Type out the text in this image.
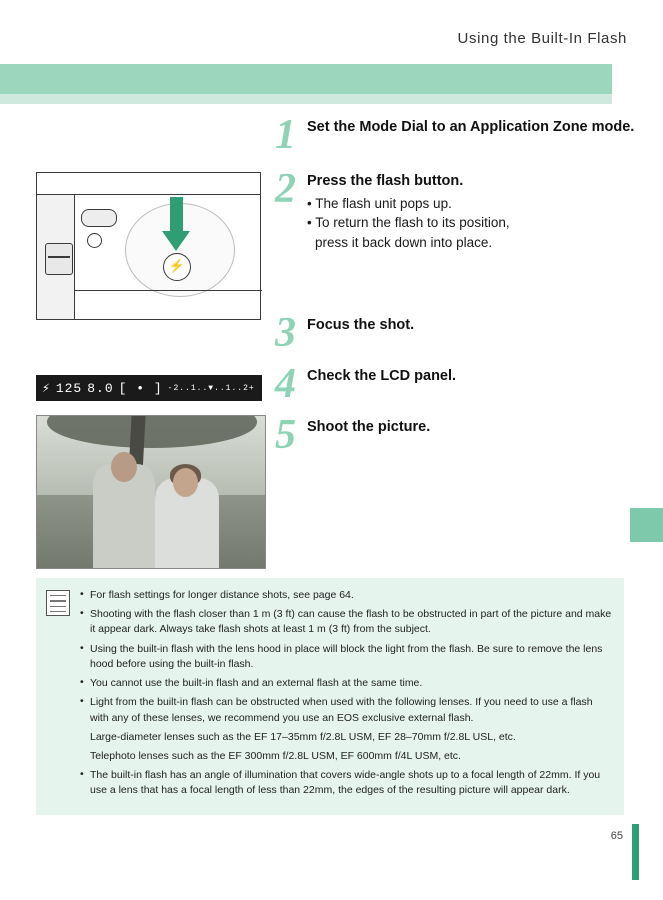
Using the Built-In Flash
⚡
1 Set the Mode Dial to an Application Zone mode.
2 Press the flash button.
• The flash unit pops up.
• To return the flash to its position,
press it back down into place.
3 Focus the shot.
4 Check the LCD panel.
5 Shoot the picture.
⚡ 125 8.0 [ • ] -2..1..▼..1..2+
• For flash settings for longer distance shots, see page 64.
• Shooting with the flash closer than 1 m (3 ft) can cause the flash to be obstructed in part of the picture and make it appear dark. Always take flash shots at least 1 m (3 ft) from the subject.
• Using the built-in flash with the lens hood in place will block the light from the flash. Be sure to remove the lens hood before using the built-in flash.
• You cannot use the built-in flash and an external flash at the same time.
• Light from the built-in flash can be obstructed when used with the following lenses. If you need to use a flash with any of these lenses, we recommend you use an EOS exclusive external flash.
Large-diameter lenses such as the EF 17–35mm f/2.8L USM, EF 28–70mm f/2.8L USL, etc.
Telephoto lenses such as the EF 300mm f/2.8L USM, EF 600mm f/4L USM, etc.
• The built-in flash has an angle of illumination that covers wide-angle shots up to a focal length of 22mm. If you use a lens that has a focal length of less than 22mm, the edges of the resulting picture will appear dark.
65
